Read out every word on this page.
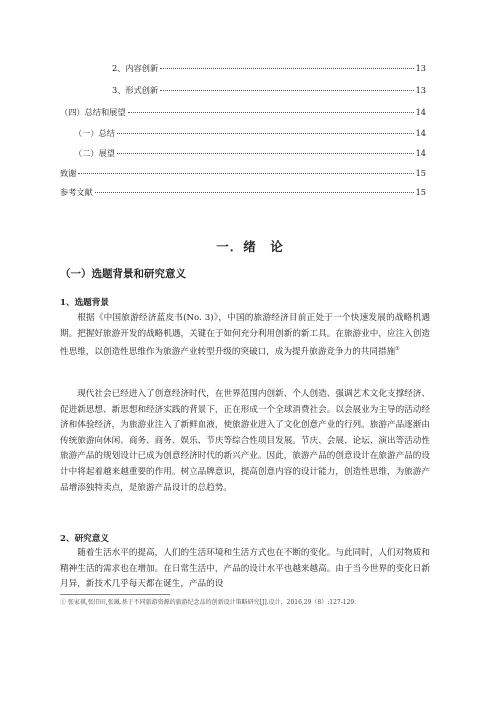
2、内容创新	13
3、形式创新	13
（四）总结和展望	14
（一）总结	14
（二）展望	14
致谢	15
参考文献	15
一．绪　论
（一）选题背景和研究意义
1、选题背景
根据《中国旅游经济蓝皮书(No. 3)》，中国的旅游经济目前正处于一个快速发展的战略机遇期。把握好旅游开发的战略机遇，关键在于如何充分利用创新的新工具。在旅游业中，应注入创造性思维，以创造性思维作为旅游产业转型升级的突破口，成为提升旅游竞争力的共同措施①
现代社会已经进入了创意经济时代，在世界范围内创新、个人创造、强调艺术文化支撑经济、促进新思想、新思想和经济实践的背景下，正在形成一个全球消费社会。以会展业为主导的活动经济和体验经济，为旅游业注入了新鲜血液，使旅游业进入了文化创意产业的行列。旅游产品逐渐由传统旅游向休闲、商务、商务、娱乐、节庆等综合性项目发展。节庆、会展、论坛、演出等活动性旅游产品的规划设计已成为创意经济时代的新兴产业。因此，旅游产品的创意设计在旅游产品的设计中将起着越来越重要的作用。树立品牌意识，提高创意内容的设计能力，创造性思维，为旅游产品增添独特卖点，是旅游产品设计的总趋势。
2、研究意义
随着生活水平的提高，人们的生活环境和生活方式也在不断的变化。与此同时，人们对物质和精神生活的需求也在增加。在日常生活中，产品的设计水平也越来越高。由于当今世界的变化日新月异，新技术几乎每天都在诞生，产品的设
① 张家祺,张旧田,张珮.基于不同旅游资源的旅游纪念品的创新设计策略研究[J].设计，2016,29（8）:127-129.
